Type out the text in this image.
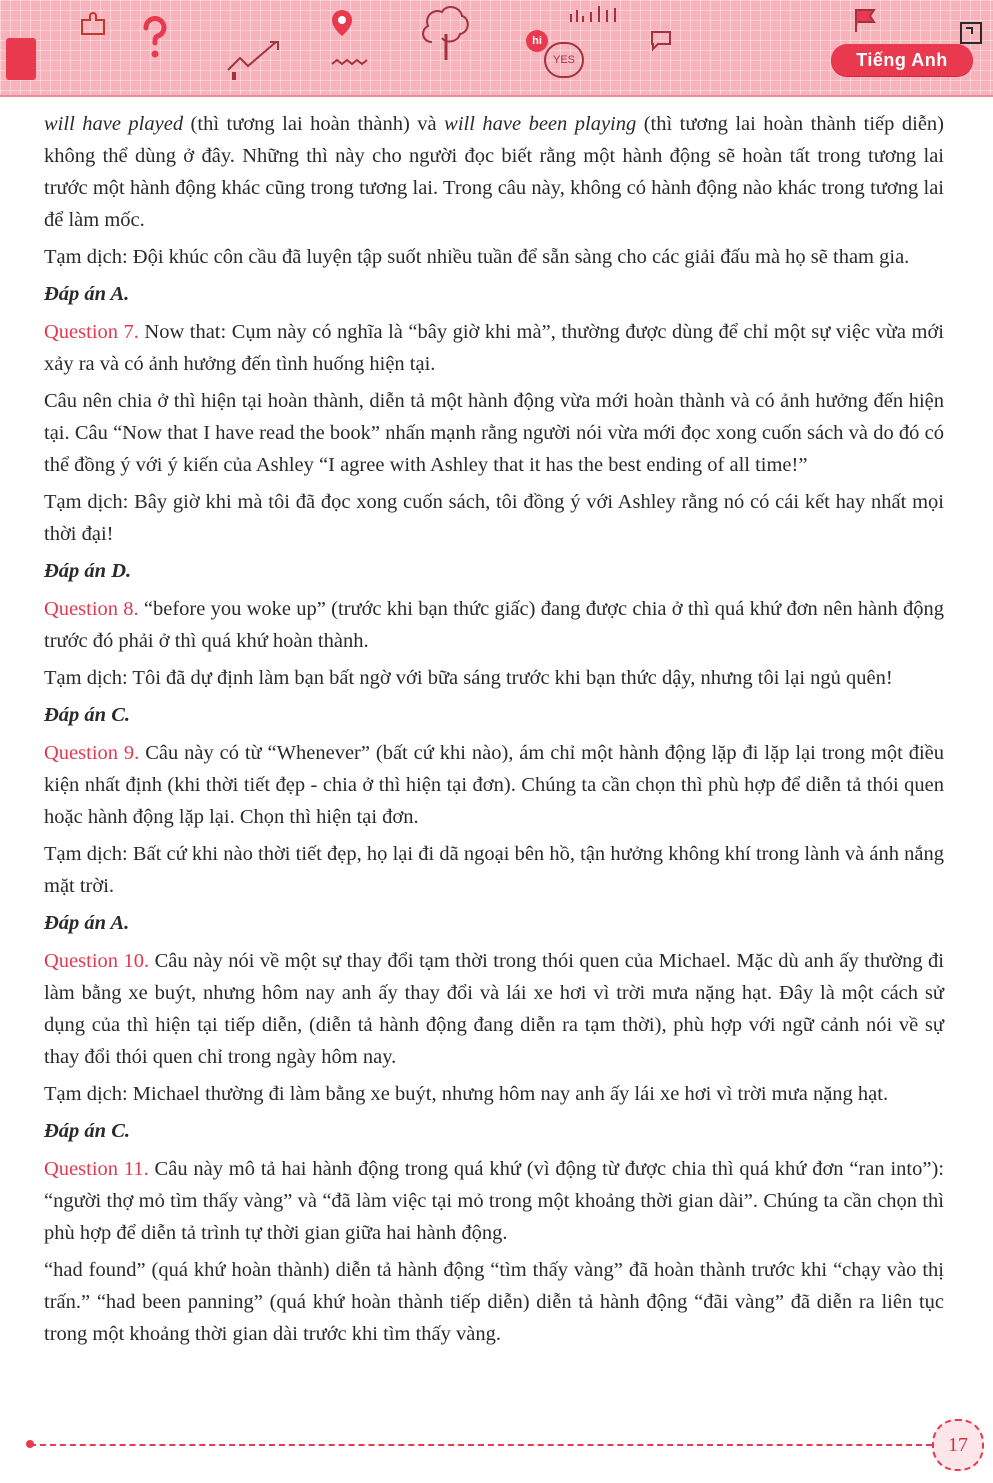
hi
YES	Tiếng Anh

will have played (thì tương lai hoàn thành) và will have been playing (thì tương lai hoàn thành tiếp diễn) không thể dùng ở đây. Những thì này cho người đọc biết rằng một hành động sẽ hoàn tất trong tương lai trước một hành động khác cũng trong tương lai. Trong câu này, không có hành động nào khác trong tương lai để làm mốc.

Tạm dịch: Đội khúc côn cầu đã luyện tập suốt nhiều tuần để sẵn sàng cho các giải đấu mà họ sẽ tham gia.

Đáp án A.

Question 7. Now that: Cụm này có nghĩa là “bây giờ khi mà”, thường được dùng để chỉ một sự việc vừa mới xảy ra và có ảnh hưởng đến tình huống hiện tại.

Câu nên chia ở thì hiện tại hoàn thành, diễn tả một hành động vừa mới hoàn thành và có ảnh hưởng đến hiện tại. Câu “Now that I have read the book” nhấn mạnh rằng người nói vừa mới đọc xong cuốn sách và do đó có thể đồng ý với ý kiến của Ashley “I agree with Ashley that it has the best ending of all time!”

Tạm dịch: Bây giờ khi mà tôi đã đọc xong cuốn sách, tôi đồng ý với Ashley rằng nó có cái kết hay nhất mọi thời đại!

Đáp án D.

Question 8. “before you woke up” (trước khi bạn thức giấc) đang được chia ở thì quá khứ đơn nên hành động trước đó phải ở thì quá khứ hoàn thành.

Tạm dịch: Tôi đã dự định làm bạn bất ngờ với bữa sáng trước khi bạn thức dậy, nhưng tôi lại ngủ quên!

Đáp án C.

Question 9. Câu này có từ “Whenever” (bất cứ khi nào), ám chỉ một hành động lặp đi lặp lại trong một điều kiện nhất định (khi thời tiết đẹp - chia ở thì hiện tại đơn). Chúng ta cần chọn thì phù hợp để diễn tả thói quen hoặc hành động lặp lại. Chọn thì hiện tại đơn.

Tạm dịch: Bất cứ khi nào thời tiết đẹp, họ lại đi dã ngoại bên hồ, tận hưởng không khí trong lành và ánh nắng mặt trời.

Đáp án A.

Question 10. Câu này nói về một sự thay đổi tạm thời trong thói quen của Michael. Mặc dù anh ấy thường đi làm bằng xe buýt, nhưng hôm nay anh ấy thay đổi và lái xe hơi vì trời mưa nặng hạt. Đây là một cách sử dụng của thì hiện tại tiếp diễn, (diễn tả hành động đang diễn ra tạm thời), phù hợp với ngữ cảnh nói về sự thay đổi thói quen chỉ trong ngày hôm nay.

Tạm dịch: Michael thường đi làm bằng xe buýt, nhưng hôm nay anh ấy lái xe hơi vì trời mưa nặng hạt.

Đáp án C.

Question 11. Câu này mô tả hai hành động trong quá khứ (vì động từ được chia thì quá khứ đơn “ran into”): “người thợ mỏ tìm thấy vàng” và “đã làm việc tại mỏ trong một khoảng thời gian dài”. Chúng ta cần chọn thì phù hợp để diễn tả trình tự thời gian giữa hai hành động.

“had found” (quá khứ hoàn thành) diễn tả hành động “tìm thấy vàng” đã hoàn thành trước khi “chạy vào thị trấn.” “had been panning” (quá khứ hoàn thành tiếp diễn) diễn tả hành động “đãi vàng” đã diễn ra liên tục trong một khoảng thời gian dài trước khi tìm thấy vàng.

17
